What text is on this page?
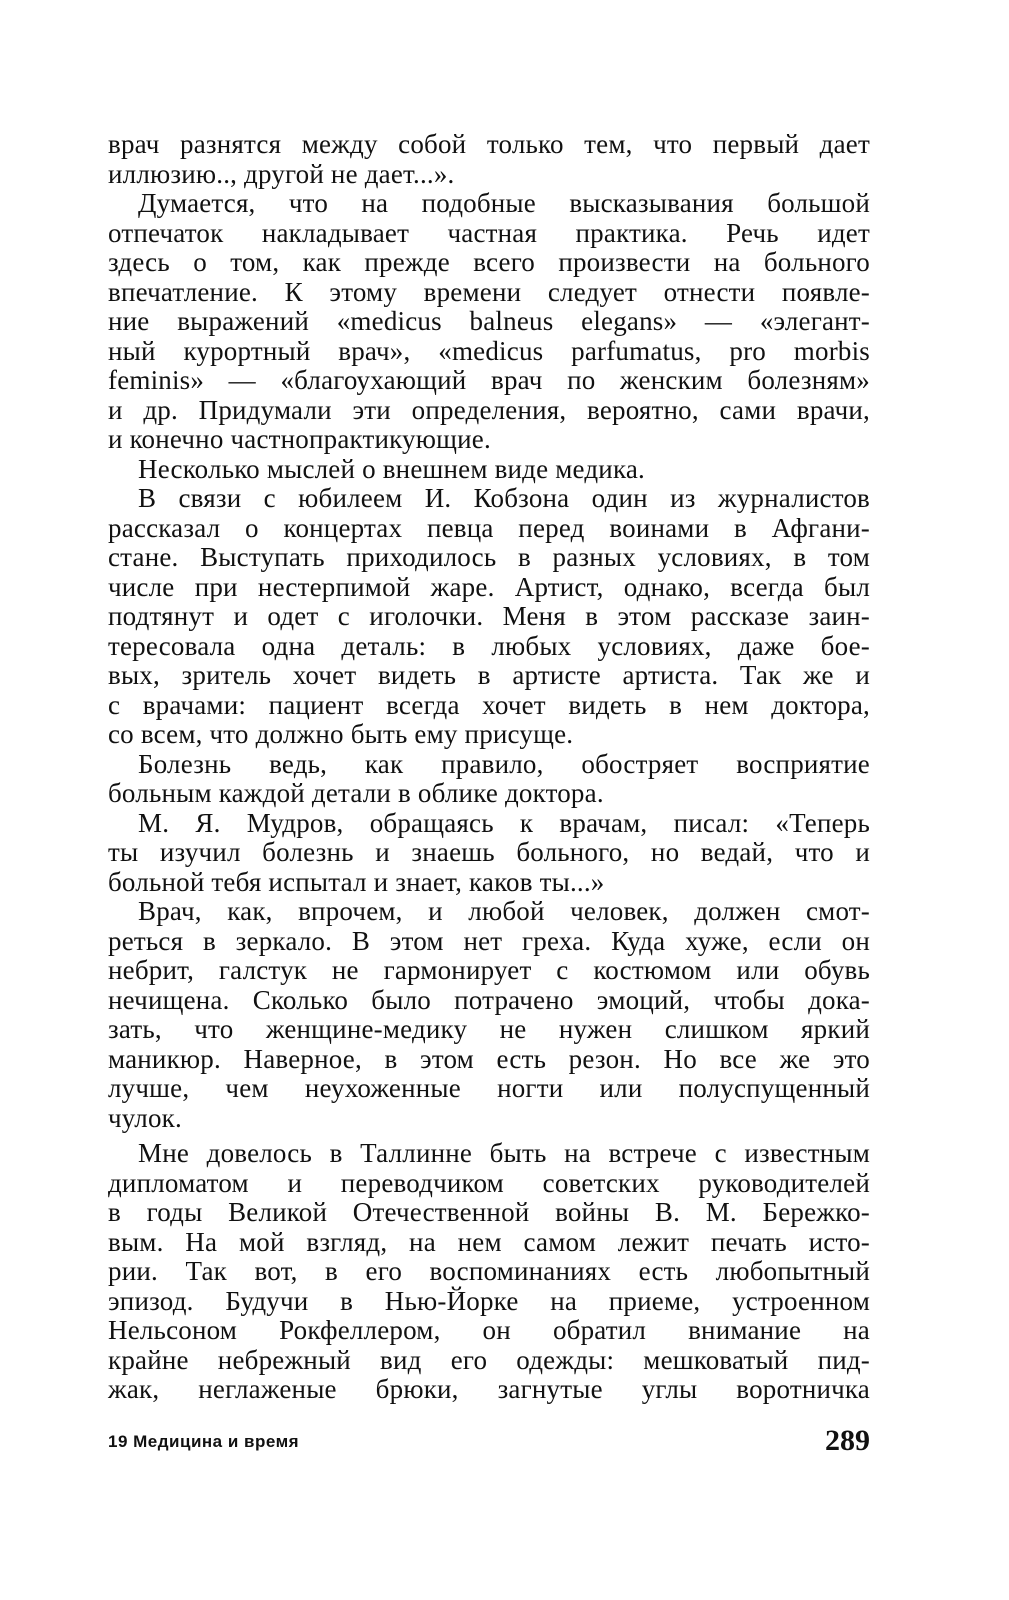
врач разнятся между собой только тем, что первый дает
иллюзию.., другой не дает...».
Думается, что на подобные высказывания большой
отпечаток накладывает частная практика. Речь идет
здесь о том, как прежде всего произвести на больного
впечатление. К этому времени следует отнести появле-
ние выражений «medicus balneus elegans» — «элегант-
ный курортный врач», «medicus parfumatus, pro morbis
feminis» — «благоухающий врач по женским болезням»
и др. Придумали эти определения, вероятно, сами врачи,
и конечно частнопрактикующие.
Несколько мыслей о внешнем виде медика.
В связи с юбилеем И. Кобзона один из журналистов
рассказал о концертах певца перед воинами в Афгани-
стане. Выступать приходилось в разных условиях, в том
числе при нестерпимой жаре. Артист, однако, всегда был
подтянут и одет с иголочки. Меня в этом рассказе заин-
тересовала одна деталь: в любых условиях, даже бое-
вых, зритель хочет видеть в артисте артиста. Так же и
с врачами: пациент всегда хочет видеть в нем доктора,
со всем, что должно быть ему присуще.
Болезнь ведь, как правило, обостряет восприятие
больным каждой детали в облике доктора.
М. Я. Мудров, обращаясь к врачам, писал: «Теперь
ты изучил болезнь и знаешь больного, но ведай, что и
больной тебя испытал и знает, каков ты...»
Врач, как, впрочем, и любой человек, должен смот-
реться в зеркало. В этом нет греха. Куда хуже, если он
небрит, галстук не гармонирует с костюмом или обувь
нечищена. Сколько было потрачено эмоций, чтобы дока-
зать, что женщине-медику не нужен слишком яркий
маникюр. Наверное, в этом есть резон. Но все же это
лучше, чем неухоженные ногти или полуспущенный
чулок.
Мне довелось в Таллинне быть на встрече с известным
дипломатом и переводчиком советских руководителей
в годы Великой Отечественной войны В. М. Бережко-
вым. На мой взгляд, на нем самом лежит печать исто-
рии. Так вот, в его воспоминаниях есть любопытный
эпизод. Будучи в Нью-Йорке на приеме, устроенном
Нельсоном Рокфеллером, он обратил внимание на
крайне небрежный вид его одежды: мешковатый пид-
жак, неглаженые брюки, загнутые углы воротничка
19 Медицина и время	289
